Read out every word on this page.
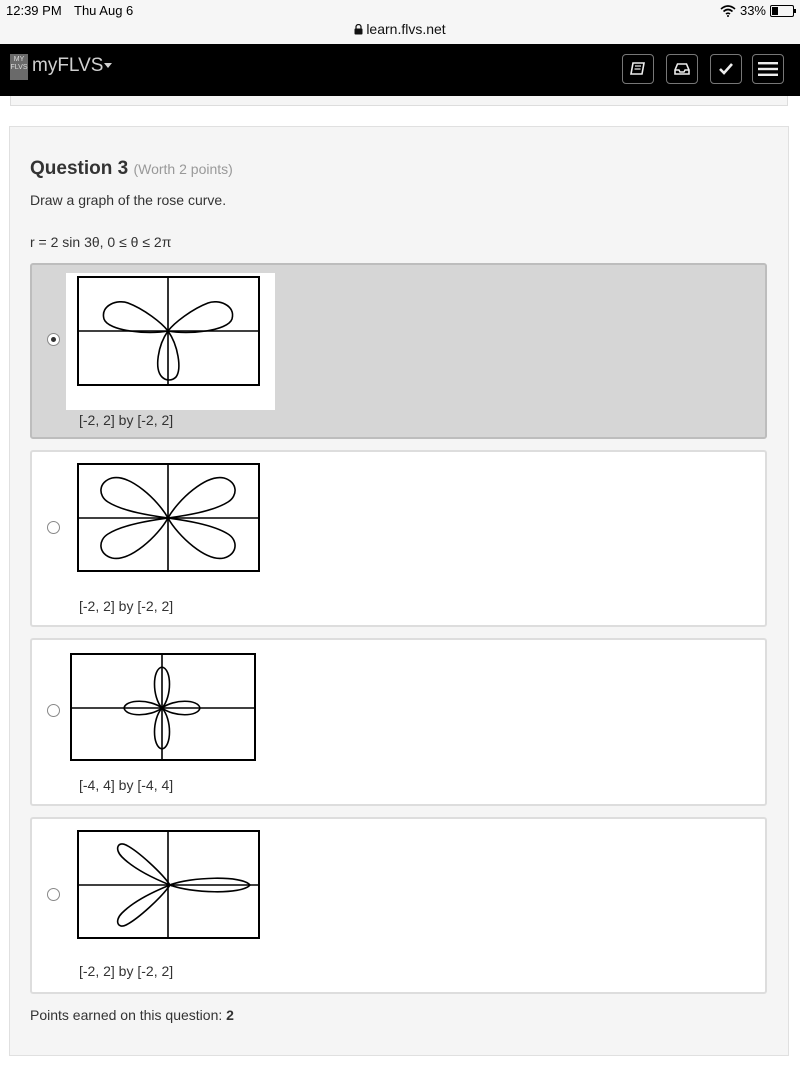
12:39 PM Thu Aug 6	33%
learn.flvs.net
MY
FLVS myFLVS
Question 3 (Worth 2 points)
Draw a graph of the rose curve.
r = 2 sin 3θ, 0 ≤ θ ≤ 2π
[-2, 2] by [-2, 2]
[-2, 2] by [-2, 2]
[-4, 4] by [-4, 4]
[-2, 2] by [-2, 2]
Points earned on this question: 2
